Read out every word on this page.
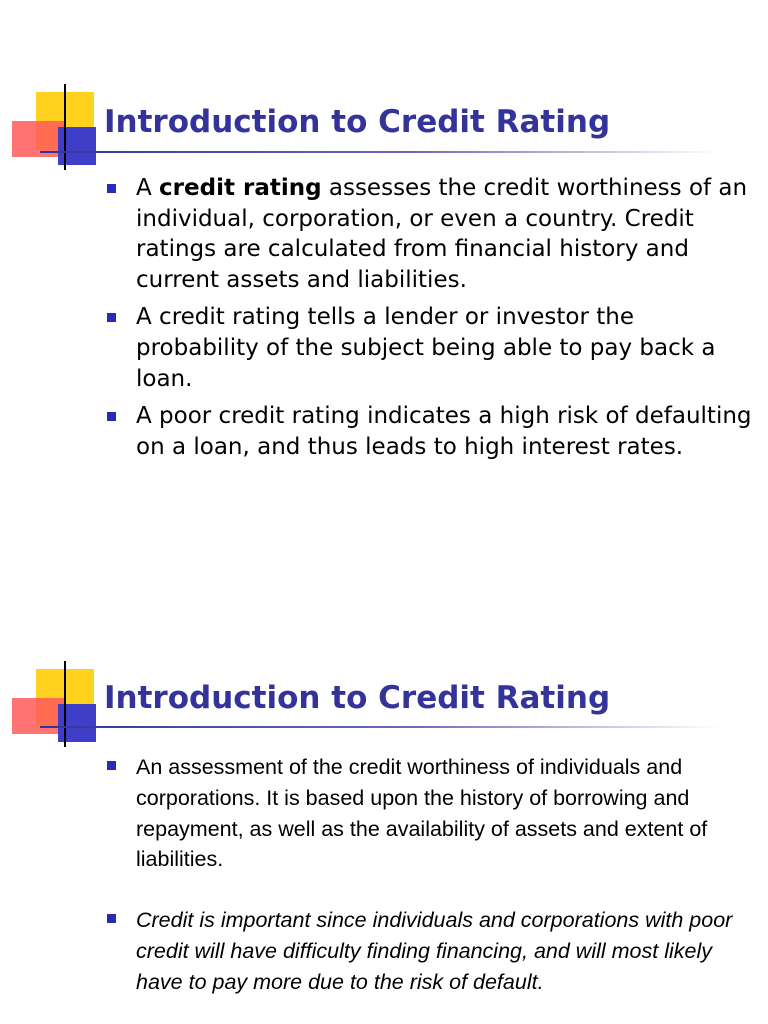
Introduction to Credit Rating
A credit rating assesses the credit worthiness of an individual, corporation, or even a country. Credit ratings are calculated from financial history and current assets and liabilities.
A credit rating tells a lender or investor the probability of the subject being able to pay back a loan.
A poor credit rating indicates a high risk of defaulting on a loan, and thus leads to high interest rates.
Introduction to Credit Rating
An assessment of the credit worthiness of individuals and corporations. It is based upon the history of borrowing and repayment, as well as the availability of assets and extent of liabilities.
Credit is important since individuals and corporations with poor credit will have difficulty finding financing, and will most likely have to pay more due to the risk of default.
